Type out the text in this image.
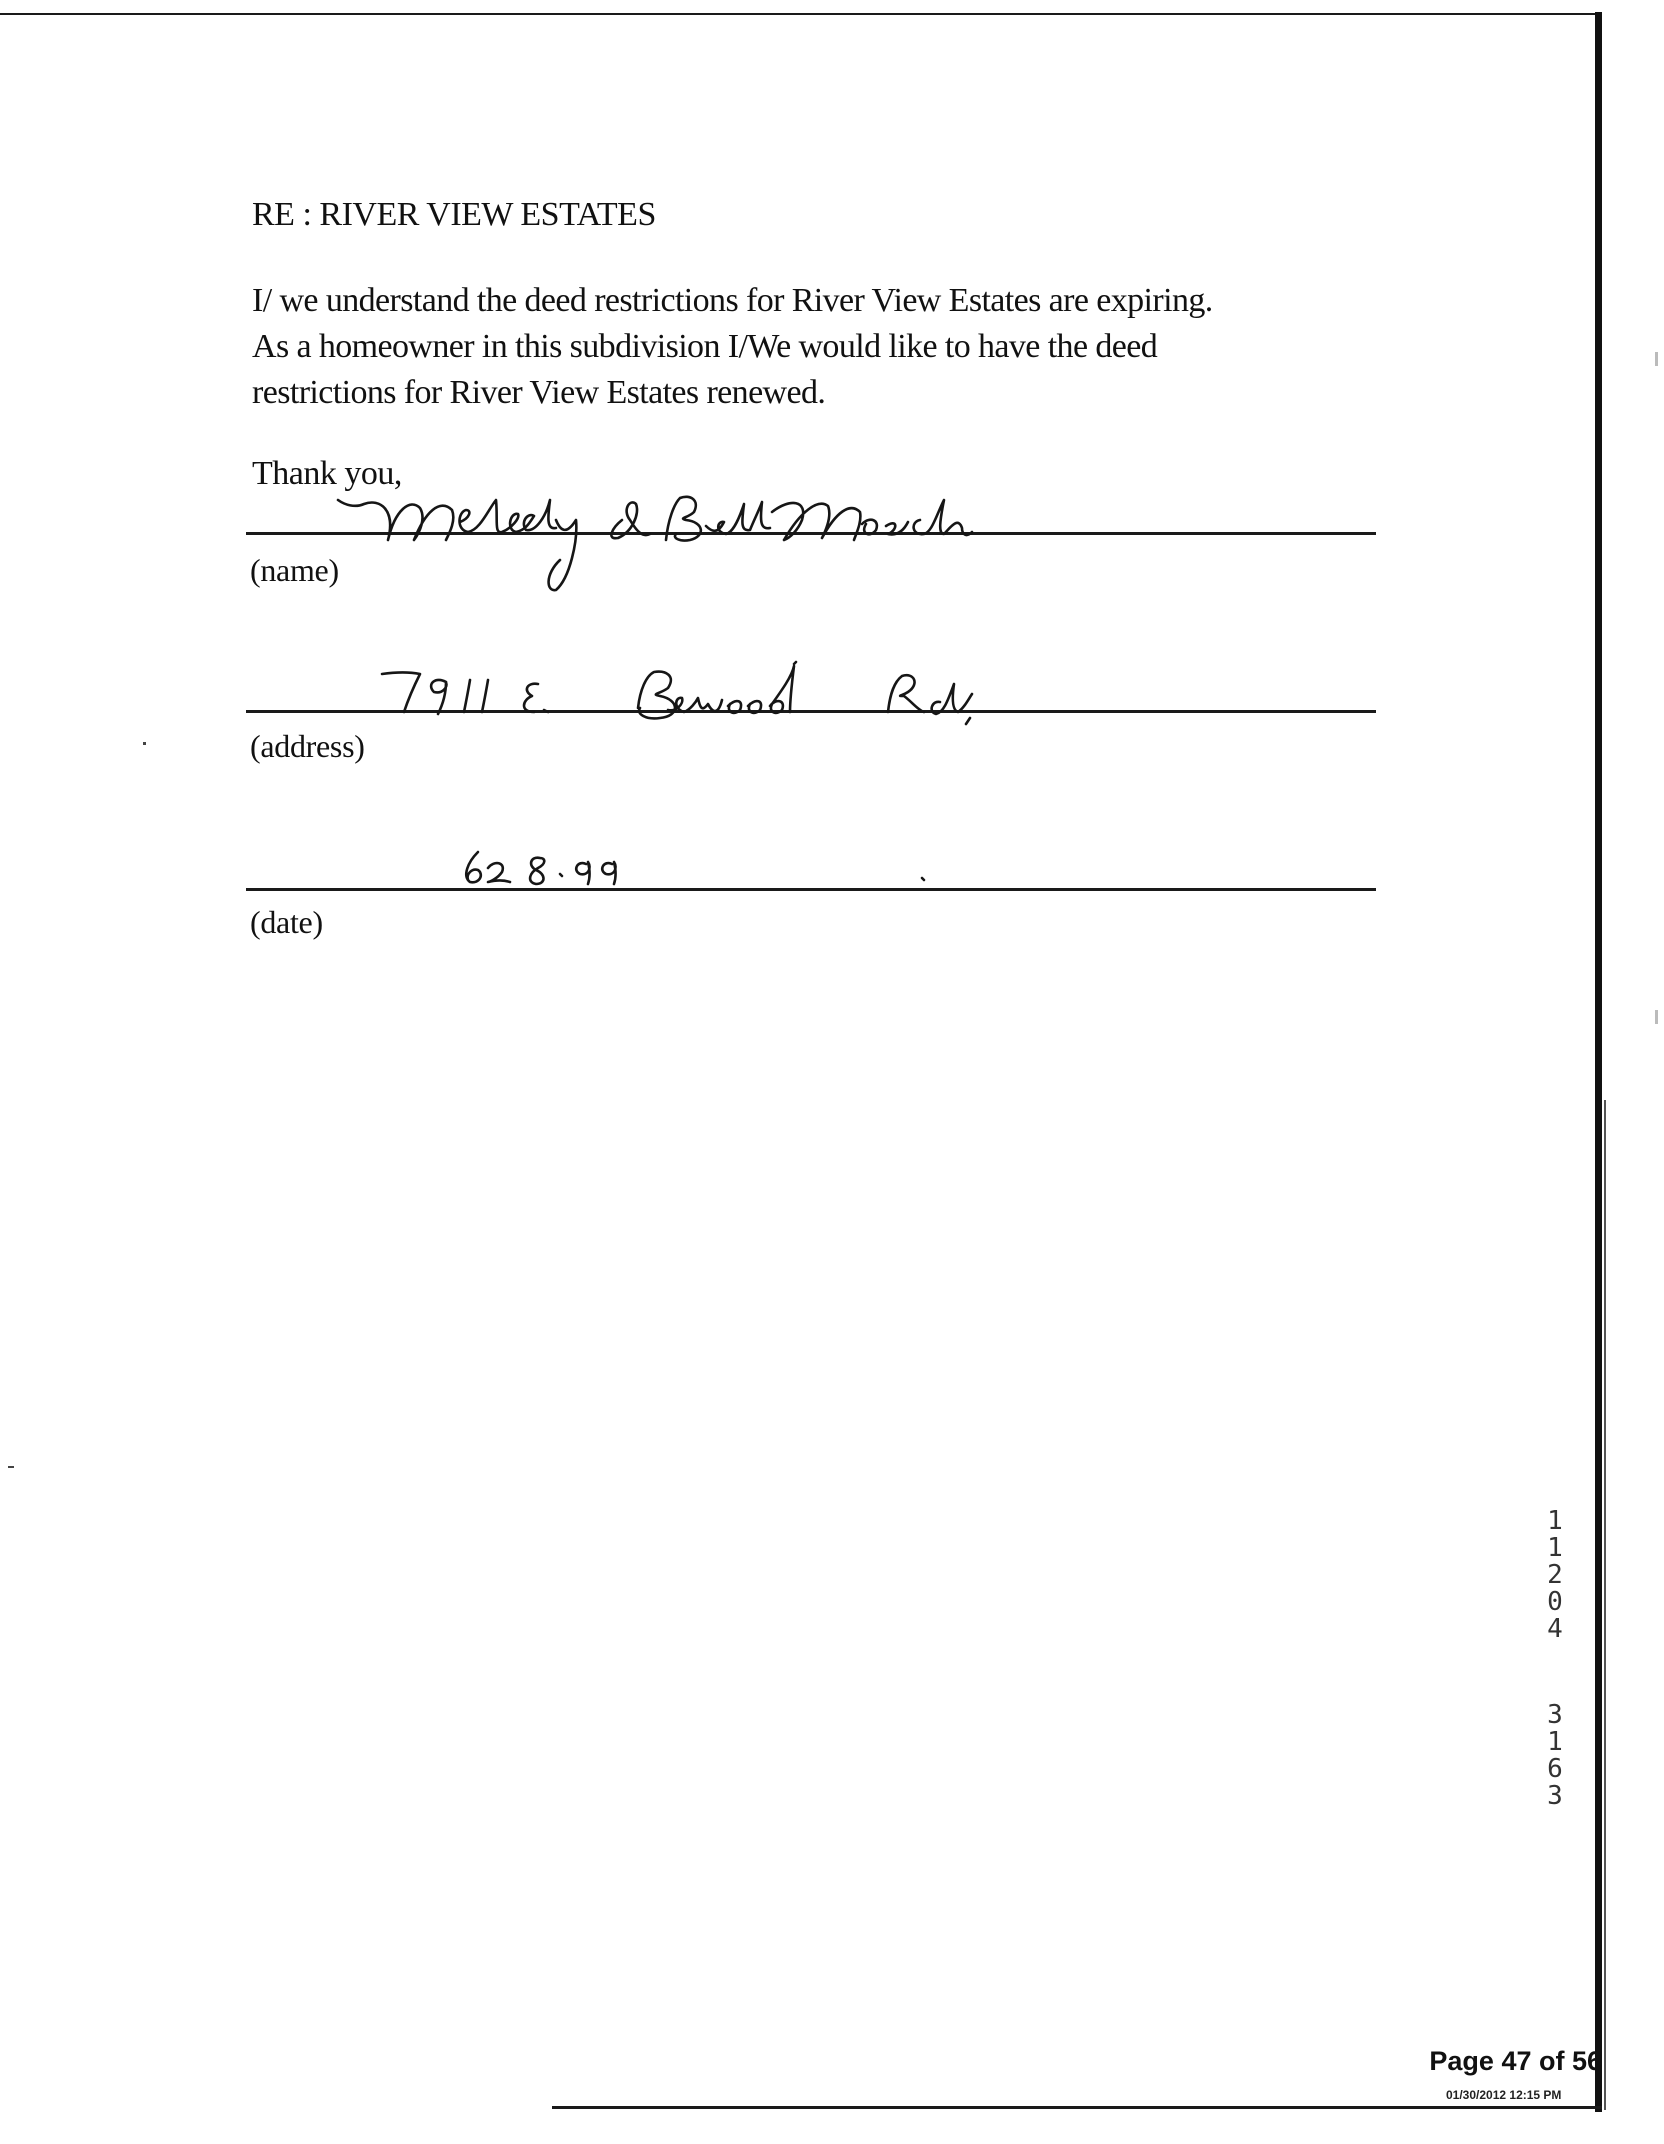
RE : RIVER VIEW ESTATES
I/ we understand the deed restrictions for River View Estates are expiring.
As a homeowner in this subdivision I/We would like to have the deed
restrictions for River View Estates renewed.
Thank you,
(name)
(address)
(date)
1
1
2
0
4
3
1
6
3
Page 47 of 56
01/30/2012 12:15 PM
